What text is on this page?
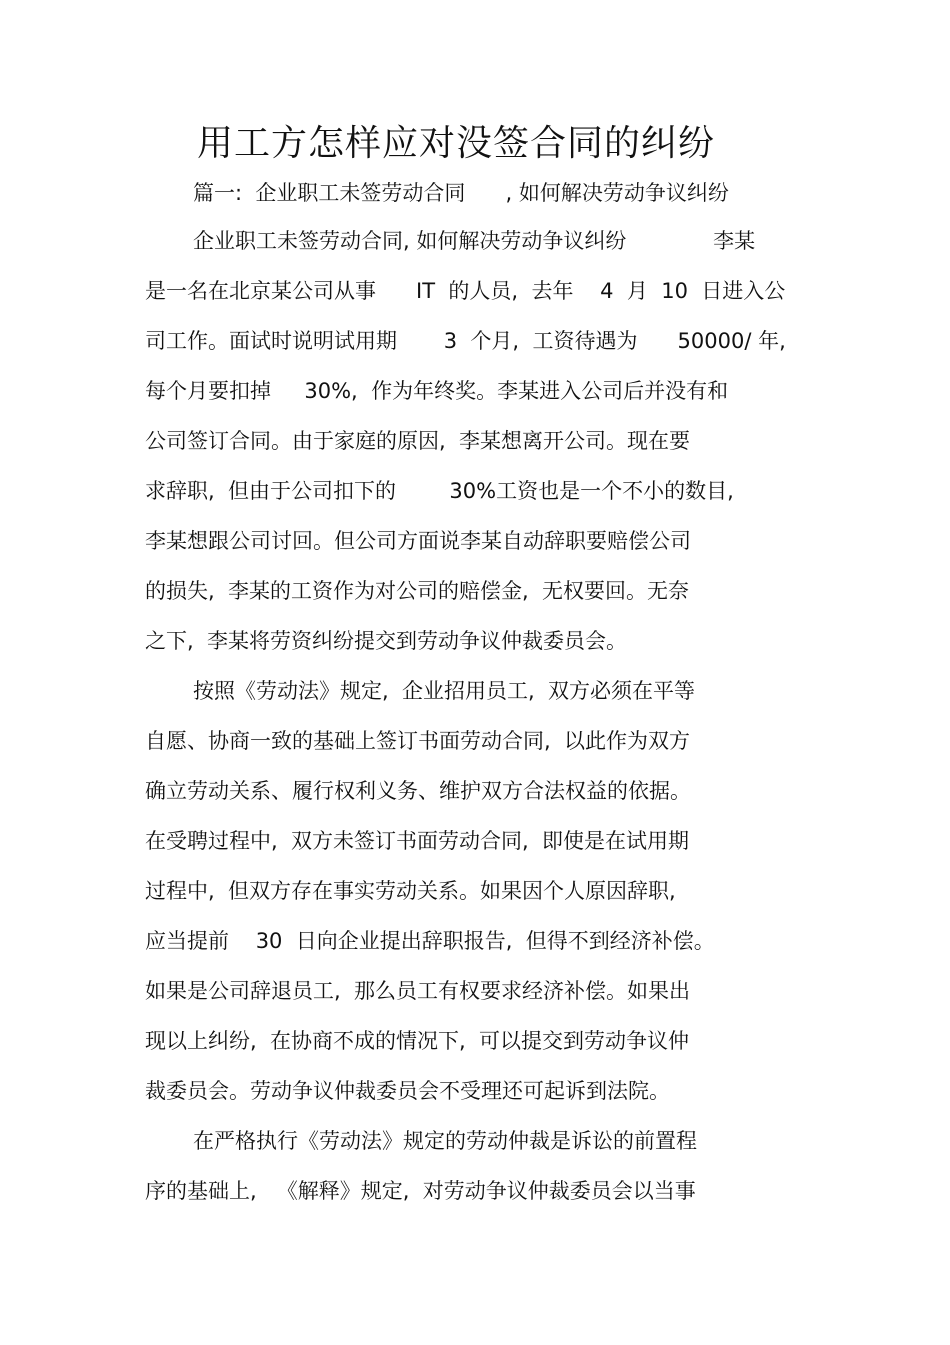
用工方怎样应对没签合同的纠纷
篇一:  企业职工未签劳动合同      , 如何解决劳动争议纠纷
企业职工未签劳动合同, 如何解决劳动争议纠纷             李某
是一名在北京某公司从事      IT  的人员,  去年    4  月  10  日进入公
司工作。面试时说明试用期       3  个月,  工资待遇为      50000/ 年,
每个月要扣掉     30%,  作为年终奖。李某进入公司后并没有和
公司签订合同。由于家庭的原因,  李某想离开公司。现在要
求辞职,  但由于公司扣下的        30%工资也是一个不小的数目,
李某想跟公司讨回。但公司方面说李某自动辞职要赔偿公司
的损失,  李某的工资作为对公司的赔偿金,  无权要回。无奈
之下,  李某将劳资纠纷提交到劳动争议仲裁委员会。
按照《劳动法》规定,  企业招用员工,  双方必须在平等
自愿、协商一致的基础上签订书面劳动合同,  以此作为双方
确立劳动关系、履行权利义务、维护双方合法权益的依据。
在受聘过程中,  双方未签订书面劳动合同,  即使是在试用期
过程中,  但双方存在事实劳动关系。如果因个人原因辞职,
应当提前    30  日向企业提出辞职报告,  但得不到经济补偿。
如果是公司辞退员工,  那么员工有权要求经济补偿。如果出
现以上纠纷,  在协商不成的情况下,  可以提交到劳动争议仲
裁委员会。劳动争议仲裁委员会不受理还可起诉到法院。
在严格执行《劳动法》规定的劳动仲裁是诉讼的前置程
序的基础上,   《解释》规定,  对劳动争议仲裁委员会以当事
